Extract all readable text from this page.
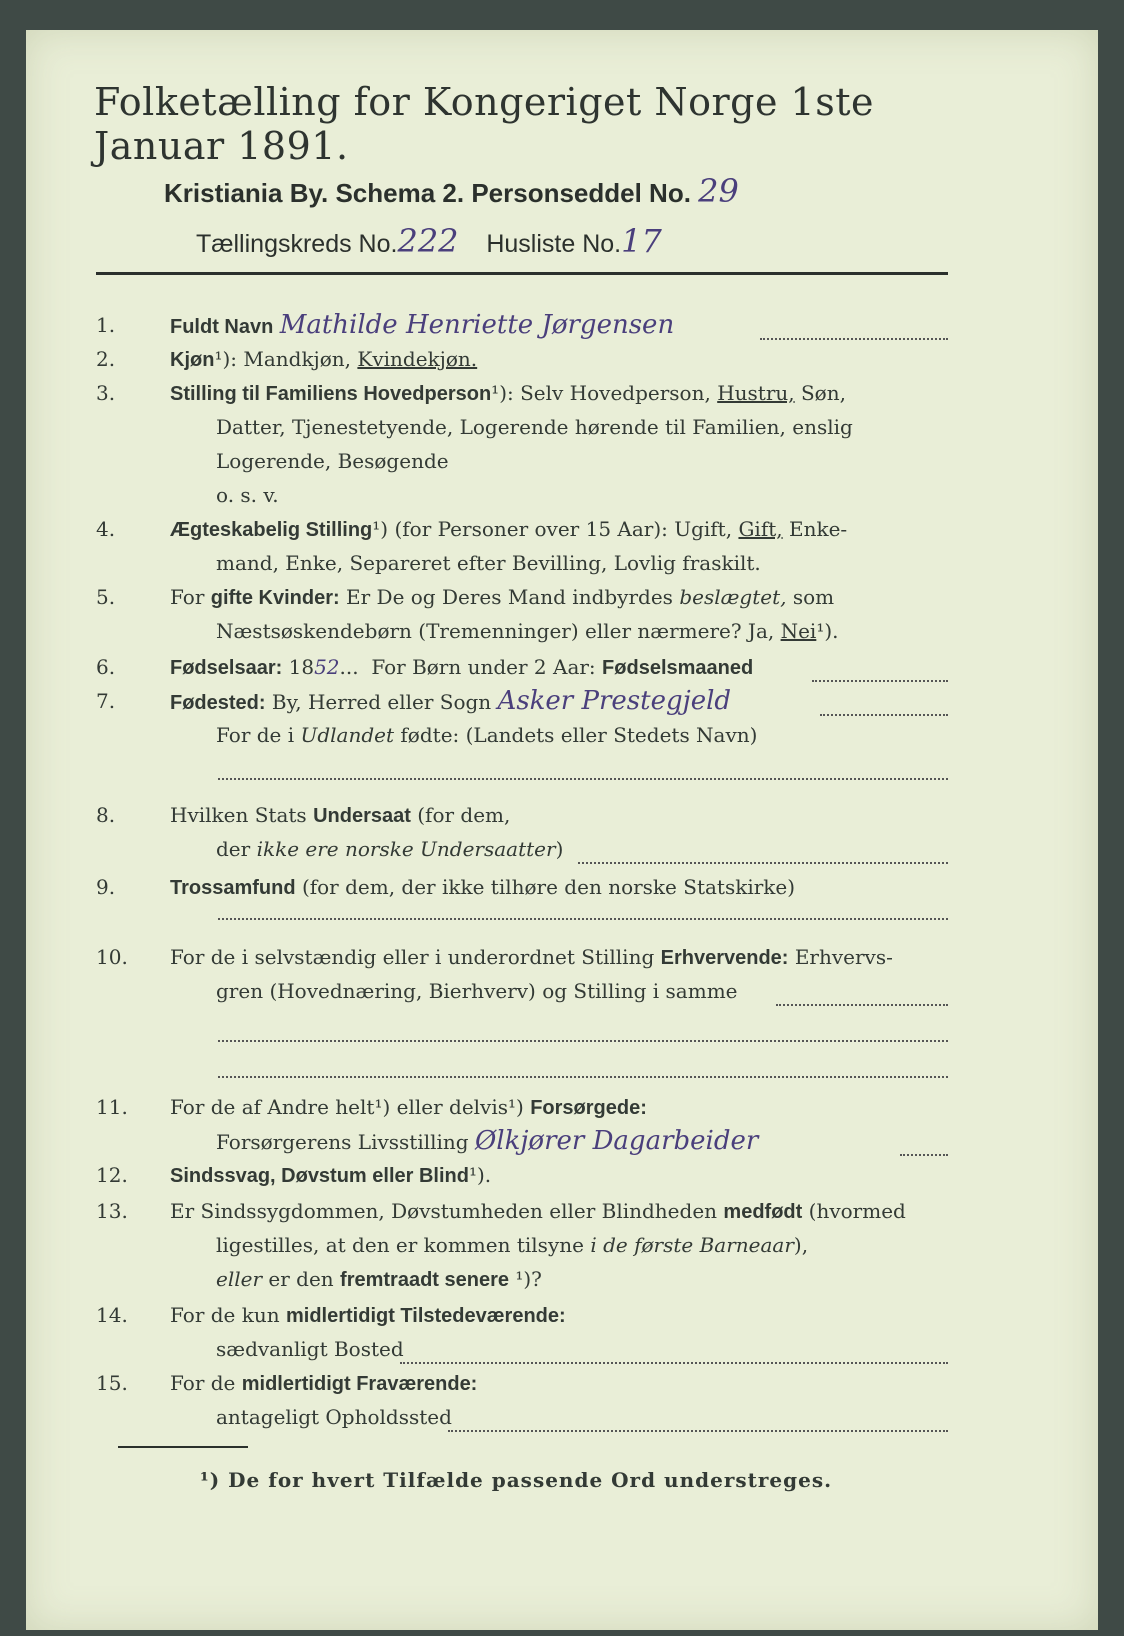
Folketælling for Kongeriget Norge 1ste Januar 1891.
Kristiania By. Schema 2. Personseddel No. 29
Tællingskreds No.222 Husliste No.17
1.	Fuldt Navn Mathilde Henriette Jørgensen
2.	Kjøn¹): Mandkjøn, Kvindekjøn.
3.	Stilling til Familiens Hovedperson¹): Selv Hovedperson, Hustru, Søn,
Datter, Tjenestetyende, Logerende hørende til Familien, enslig
Logerende, Besøgende
o. s. v.
4.	Ægteskabelig Stilling¹) (for Personer over 15 Aar): Ugift, Gift, Enke-
mand, Enke, Separeret efter Bevilling, Lovlig fraskilt.
5.	For gifte Kvinder: Er De og Deres Mand indbyrdes beslægtet, som
Næstsøskendebørn (Tremenninger) eller nærmere? Ja, Nei¹).
6.	Fødselsaar: 1852...  For Børn under 2 Aar: Fødselsmaaned
7.	Fødested: By, Herred eller Sogn Asker Prestegjeld
For de i Udlandet fødte: (Landets eller Stedets Navn)
8.	Hvilken Stats Undersaat (for dem,
der ikke ere norske Undersaatter)
9.	Trossamfund (for dem, der ikke tilhøre den norske Statskirke)
10.	For de i selvstændig eller i underordnet Stilling Erhvervende: Erhvervs-
gren (Hovednæring, Bierhverv) og Stilling i samme
11.	For de af Andre helt¹) eller delvis¹) Forsørgede:
Forsørgerens Livsstilling Ølkjører Dagarbeider
12.	Sindssvag, Døvstum eller Blind¹).
13.	Er Sindssygdommen, Døvstumheden eller Blindheden medfødt (hvormed
ligestilles, at den er kommen tilsyne i de første Barneaar),
eller er den fremtraadt senere ¹)?
14.	For de kun midlertidigt Tilstedeværende:
sædvanligt Bosted
15.	For de midlertidigt Fraværende:
antageligt Opholdssted
¹) De for hvert Tilfælde passende Ord understreges.
